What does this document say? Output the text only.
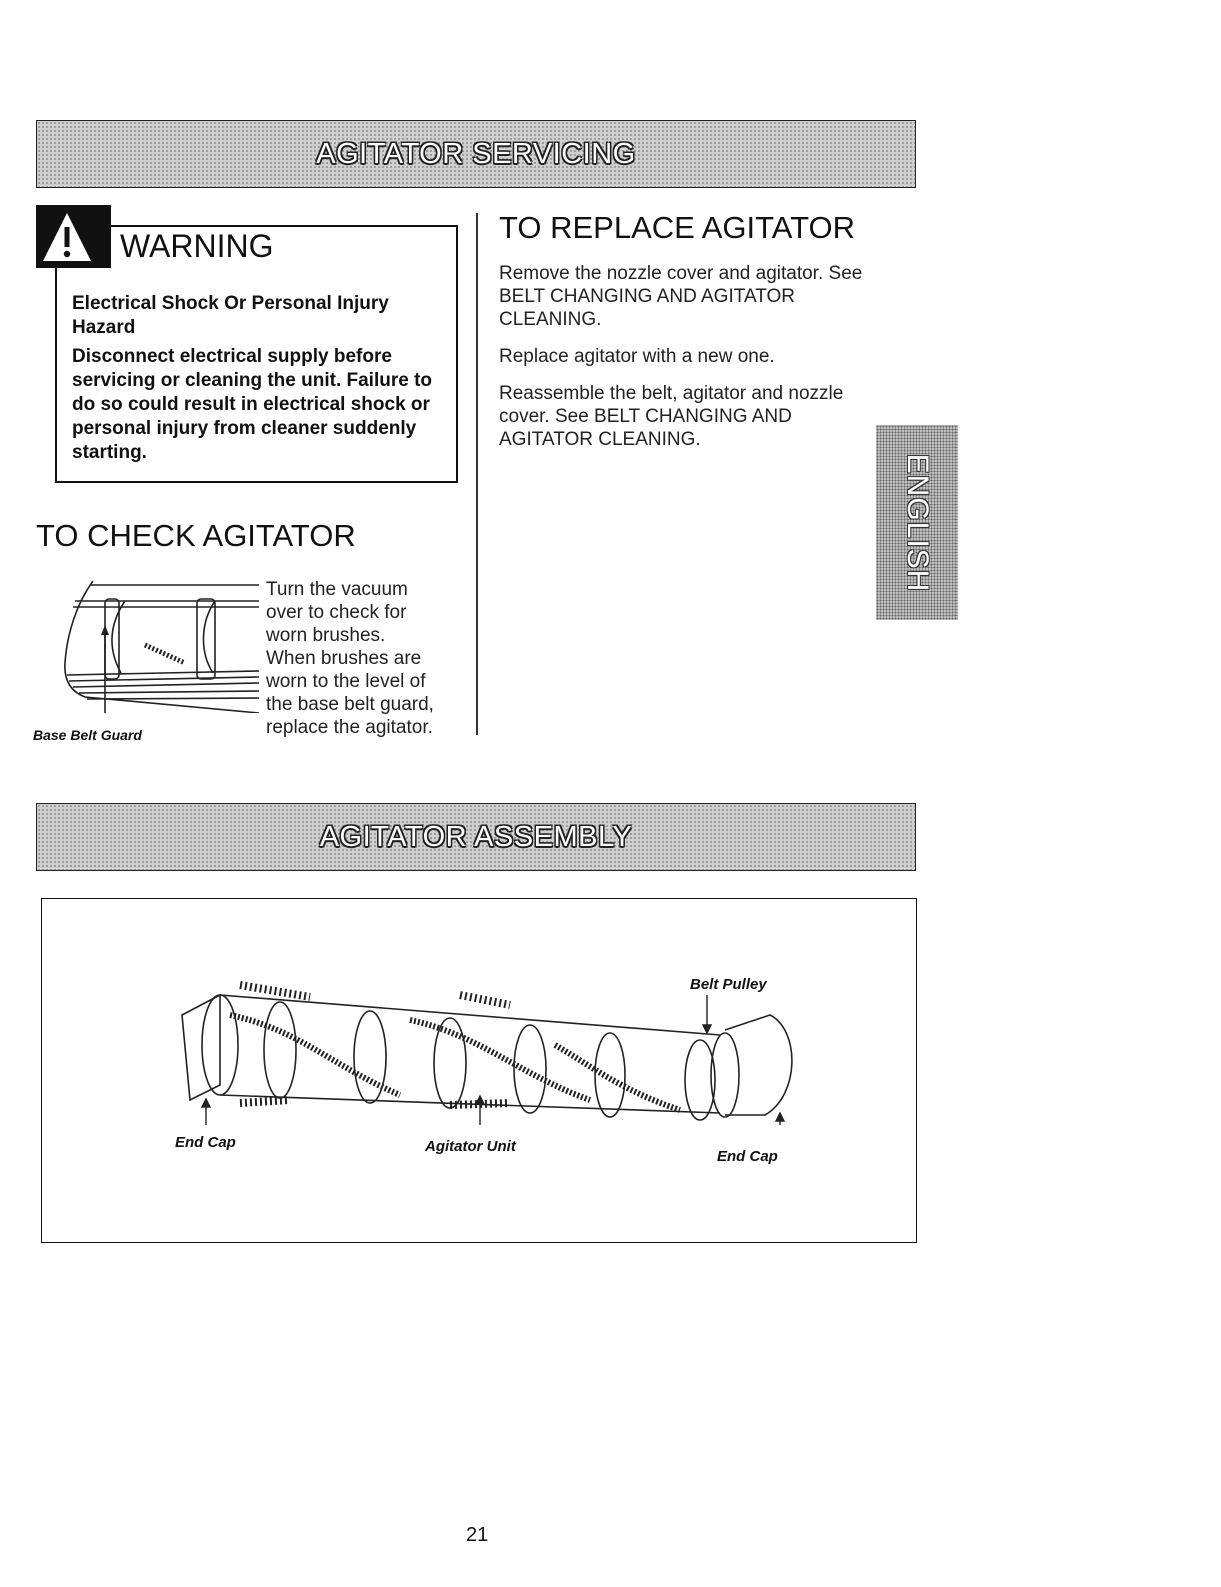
AGITATOR SERVICING
WARNING
Electrical Shock Or Personal Injury Hazard
Disconnect electrical supply before servicing or cleaning the unit. Failure to do so could result in electrical shock or personal injury from cleaner suddenly starting.
TO CHECK AGITATOR
Base Belt Guard
Turn the vacuum
over to check for
worn brushes.
When brushes are
worn to the level of
the base belt guard,
replace the agitator.
TO REPLACE AGITATOR
Remove the nozzle cover and agitator. See
BELT CHANGING AND AGITATOR
CLEANING.
Replace agitator with a new one.
Reassemble the belt, agitator and nozzle
cover. See BELT CHANGING AND
AGITATOR CLEANING.
ENGLISH
AGITATOR ASSEMBLY
Belt Pulley
End Cap	Agitator Unit
End Cap
21
